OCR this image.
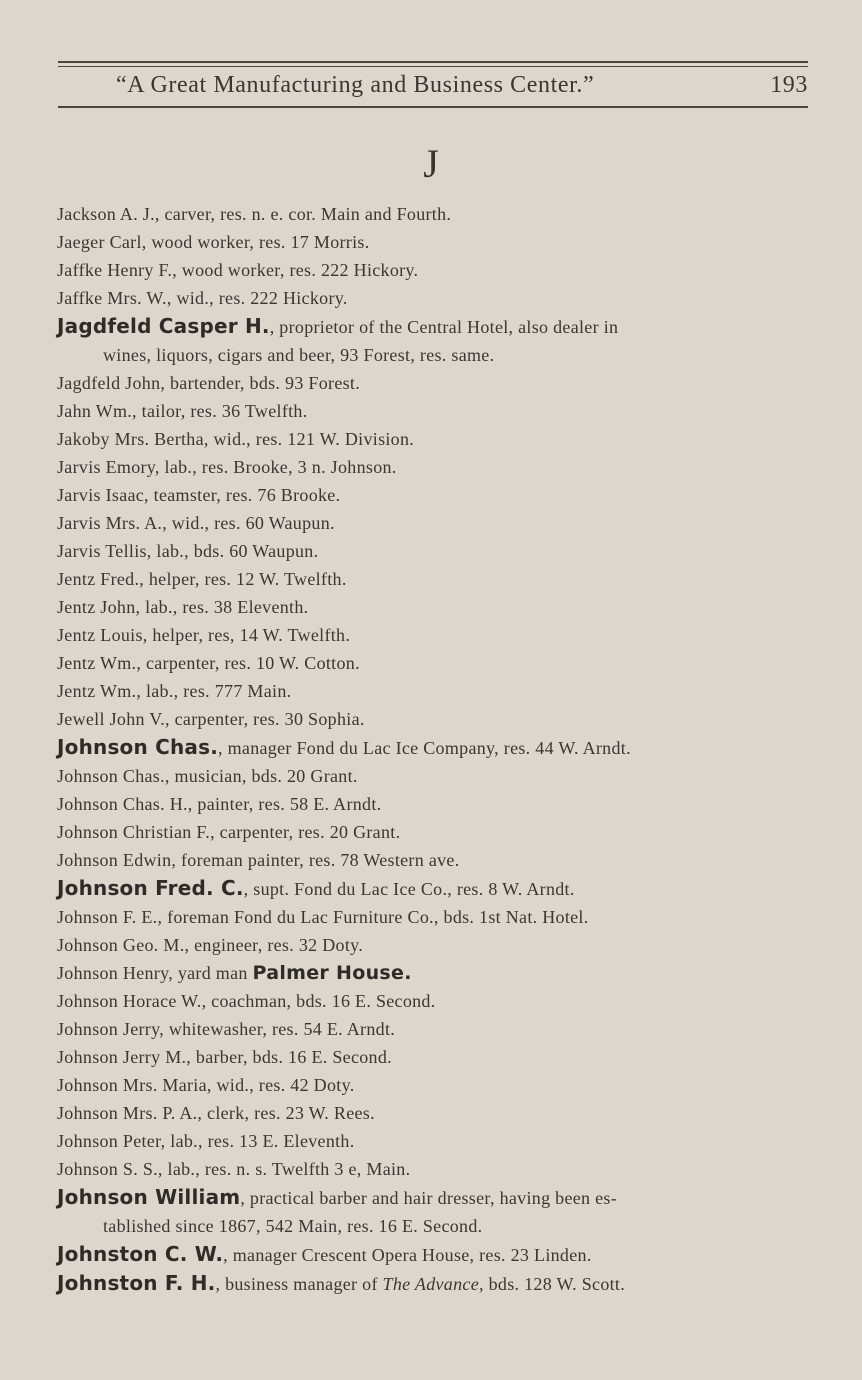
“A Great Manufacturing and Business Center.”	193
J
Jackson A. J., carver, res. n. e. cor. Main and Fourth.
Jaeger Carl, wood worker, res. 17 Morris.
Jaffke Henry F., wood worker, res. 222 Hickory.
Jaffke Mrs. W., wid., res. 222 Hickory.
Jagdfeld Casper H., proprietor of the Central Hotel, also dealer in
wines, liquors, cigars and beer, 93 Forest, res. same.
Jagdfeld John, bartender, bds. 93 Forest.
Jahn Wm., tailor, res. 36 Twelfth.
Jakoby Mrs. Bertha, wid., res. 121 W. Division.
Jarvis Emory, lab., res. Brooke, 3 n. Johnson.
Jarvis Isaac, teamster, res. 76 Brooke.
Jarvis Mrs. A., wid., res. 60 Waupun.
Jarvis Tellis, lab., bds. 60 Waupun.
Jentz Fred., helper, res. 12 W. Twelfth.
Jentz John, lab., res. 38 Eleventh.
Jentz Louis, helper, res, 14 W. Twelfth.
Jentz Wm., carpenter, res. 10 W. Cotton.
Jentz Wm., lab., res. 777 Main.
Jewell John V., carpenter, res. 30 Sophia.
Johnson Chas., manager Fond du Lac Ice Company, res. 44 W. Arndt.
Johnson Chas., musician, bds. 20 Grant.
Johnson Chas. H., painter, res. 58 E. Arndt.
Johnson Christian F., carpenter, res. 20 Grant.
Johnson Edwin, foreman painter, res. 78 Western ave.
Johnson Fred. C., supt. Fond du Lac Ice Co., res. 8 W. Arndt.
Johnson F. E., foreman Fond du Lac Furniture Co., bds. 1st Nat. Hotel.
Johnson Geo. M., engineer, res. 32 Doty.
Johnson Henry, yard man Palmer House.
Johnson Horace W., coachman, bds. 16 E. Second.
Johnson Jerry, whitewasher, res. 54 E. Arndt.
Johnson Jerry M., barber, bds. 16 E. Second.
Johnson Mrs. Maria, wid., res. 42 Doty.
Johnson Mrs. P. A., clerk, res. 23 W. Rees.
Johnson Peter, lab., res. 13 E. Eleventh.
Johnson S. S., lab., res. n. s. Twelfth 3 e, Main.
Johnson William, practical barber and hair dresser, having been es-
tablished since 1867, 542 Main, res. 16 E. Second.
Johnston C. W., manager Crescent Opera House, res. 23 Linden.
Johnston F. H., business manager of The Advance, bds. 128 W. Scott.
